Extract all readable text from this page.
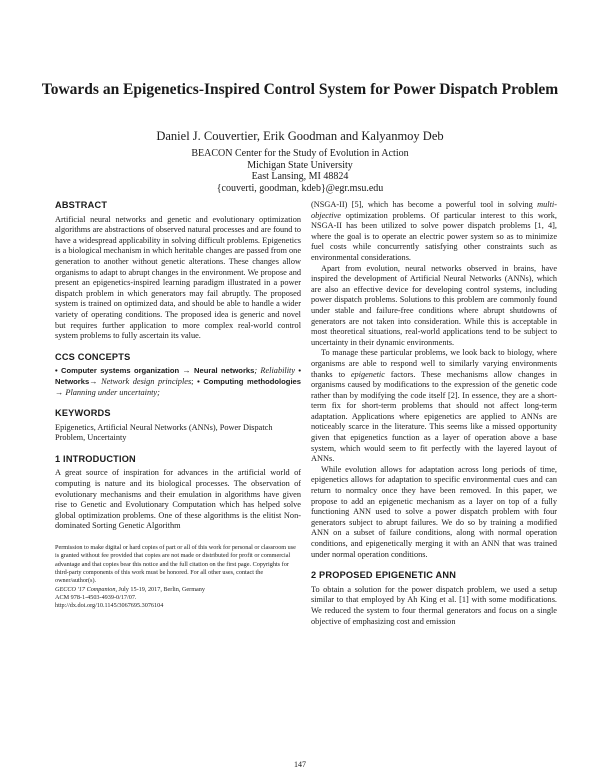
Towards an Epigenetics-Inspired Control System for Power Dispatch Problem
Daniel J. Couvertier, Erik Goodman and Kalyanmoy Deb
BEACON Center for the Study of Evolution in Action
Michigan State University
East Lansing, MI 48824
{couverti, goodman, kdeb}@egr.msu.edu
ABSTRACT

Artificial neural networks and genetic and evolutionary optimization algorithms are abstractions of observed natural processes and are found to have a widespread applicability in solving difficult problems. Epigenetics is a biological mechanism in which heritable changes are passed from one generation to another without genetic alterations. These changes allow organisms to adapt to abrupt changes in the environment. We propose and present an epigenetics-inspired learning paradigm illustrated in a power dispatch problem in which generators may fail abruptly. The proposed system is trained on optimized data, and should be able to handle a wider variety of operating conditions. The proposed idea is generic and novel but requires further application to more complex real-world control system problems to fully ascertain its value.

CCS CONCEPTS

• Computer systems organization → Neural networks; Reliability • Networks→ Network design principles; • Computing methodologies → Planning under uncertainty;

KEYWORDS

Epigenetics, Artificial Neural Networks (ANNs), Power Dispatch Problem, Uncertainty

1 INTRODUCTION

A great source of inspiration for advances in the artificial world of computing is nature and its biological processes. The observation of evolutionary mechanisms and their emulation in algorithms have given rise to Genetic and Evolutionary Computation which has helped solve global optimization problems. One of these algorithms is the elitist Non-dominated Sorting Genetic Algorithm

Permission to make digital or hard copies of part or all of this work for personal or classroom use is granted without fee provided that copies are not made or distributed for profit or commercial advantage and that copies bear this notice and the full citation on the first page. Copyrights for third-party components of this work must be honored. For all other uses, contact the owner/author(s).

GECCO '17 Companion, July 15-19, 2017, Berlin, Germany

ACM 978-1-4503-4939-0/17/07.

http://dx.doi.org/10.1145/3067695.3076104

(NSGA-II) [5], which has become a powerful tool in solving multi-objective optimization problems. Of particular interest to this work, NSGA-II has been utilized to solve power dispatch problems [1, 4], where the goal is to operate an electric power system so as to minimize fuel costs while concurrently satisfying other constraints such as environmental considerations.

Apart from evolution, neural networks observed in brains, have inspired the development of Artificial Neural Networks (ANNs), which are also an effective device for developing control systems, including power dispatch problems. Solutions to this problem are commonly found under stable and failure-free conditions where abrupt shutdowns of generators are not taken into consideration. While this is acceptable in most theoretical situations, real-world applications tend to be subject to uncertainty in their dynamic environments.

To manage these particular problems, we look back to biology, where organisms are able to respond well to similarly varying environments thanks to epigenetic factors. These mechanisms allow changes in organisms caused by modifications to the expression of the genetic code rather than by modifying the code itself [2]. In essence, they are a short-term fix for short-term problems that should not affect long-term adaptation. Applications where epigenetics are applied to ANNs are noticeably scarce in the literature. This seems like a missed opportunity given that epigenetics function as a layer of operation above a base system, which would seem to fit perfectly with the layered layout of ANNs.

While evolution allows for adaptation across long periods of time, epigenetics allows for adaptation to specific environmental cues and can return to normalcy once they have been removed. In this paper, we propose to add an epigenetic mechanism as a layer on top of a fully functioning ANN used to solve a power dispatch problem with four generators subject to abrupt failures. We do so by training a modified ANN on a subset of failure conditions, along with normal operation conditions, and epigenetically merging it with an ANN that was trained under normal operation conditions.

2 PROPOSED EPIGENETIC ANN

To obtain a solution for the power dispatch problem, we used a setup similar to that employed by Ah King et al. [1] with some modifications. We reduced the system to four thermal generators and focus on a single objective of emphasizing cost and emission

147
